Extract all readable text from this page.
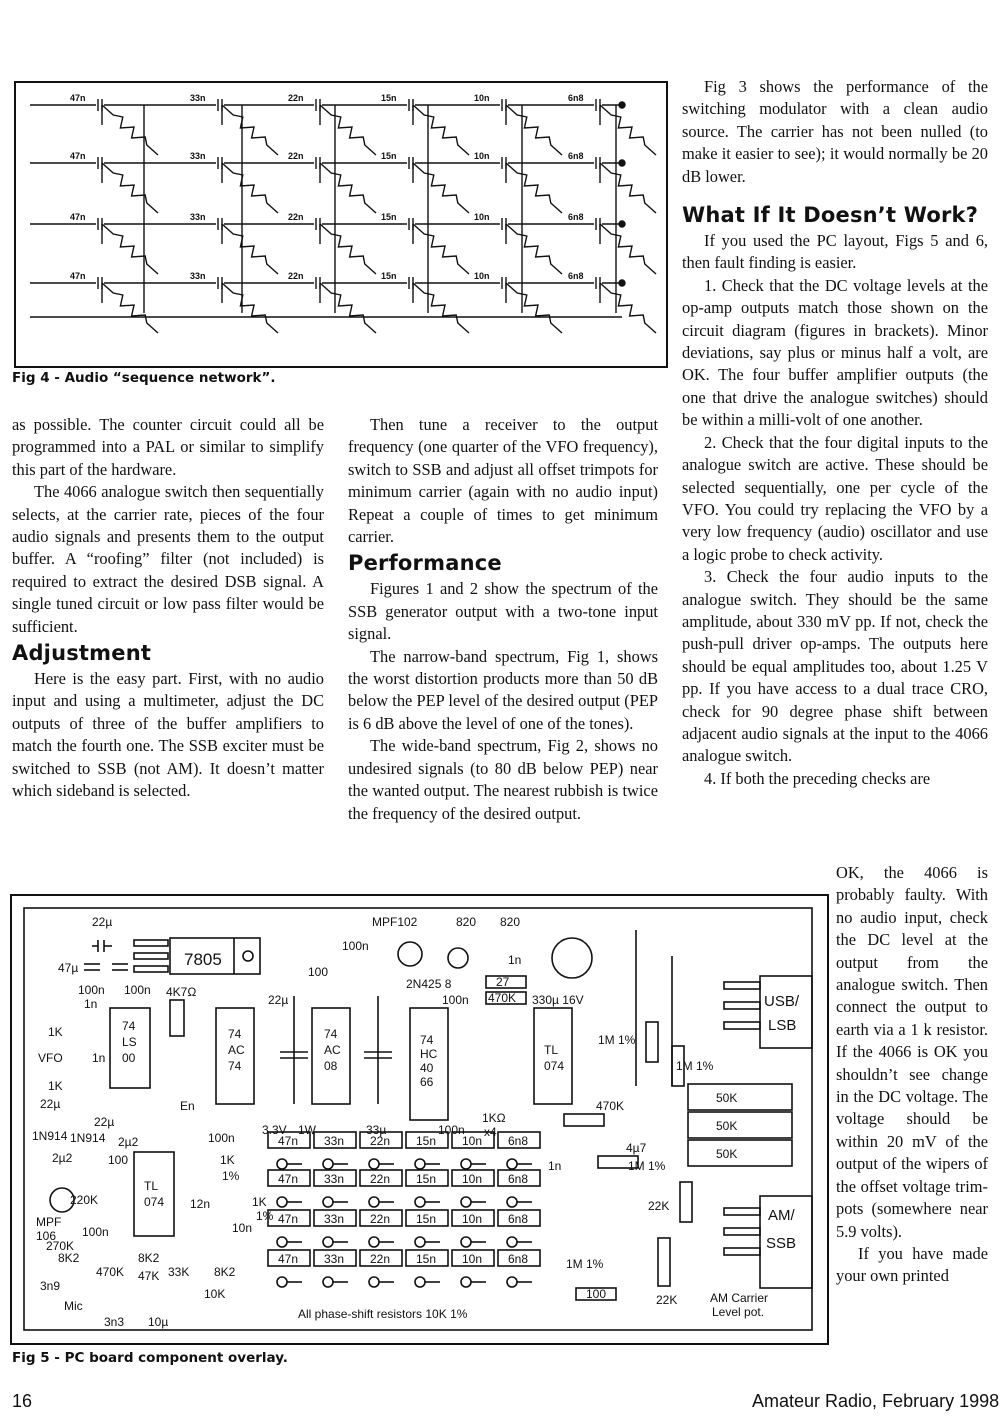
47n	33n	22n	15n	10n	6n8
47n	33n	22n	15n	10n	6n8
47n	33n	22n	15n	10n	6n8
47n	33n	22n	15n	10n	6n8
Fig 4 - Audio “sequence network”.

as possible. The counter circuit could all be programmed into a PAL or similar to simplify this part of the hardware.

The 4066 analogue switch then sequentially selects, at the carrier rate, pieces of the four audio signals and presents them to the output buffer. A “roofing” filter (not included) is required to extract the desired DSB signal. A single tuned circuit or low pass filter would be sufficient.

Adjustment

Here is the easy part. First, with no audio input and using a multimeter, adjust the DC outputs of three of the buffer amplifiers to match the fourth one. The SSB exciter must be switched to SSB (not AM). It doesn’t matter which sideband is selected.

Then tune a receiver to the output frequency (one quarter of the VFO frequency), switch to SSB and adjust all offset trimpots for minimum carrier (again with no audio input) Repeat a couple of times to get minimum carrier.

Performance

Figures 1 and 2 show the spectrum of the SSB generator output with a two-tone input signal.

The narrow-band spectrum, Fig 1, shows the worst distortion products more than 50 dB below the PEP level of the desired output (PEP is 6 dB above the level of one of the tones).

The wide-band spectrum, Fig 2, shows no undesired signals (to 80 dB below PEP) near the wanted output. The nearest rubbish is twice the frequency of the desired output.

Fig 3 shows the performance of the switching modulator with a clean audio source. The carrier has not been nulled (to make it easier to see); it would normally be 20 dB lower.

What If It Doesn’t Work?

If you used the PC layout, Figs 5 and 6, then fault finding is easier.

1. Check that the DC voltage levels at the op-amp outputs match those shown on the circuit diagram (figures in brackets). Minor deviations, say plus or minus half a volt, are OK. The four buffer amplifier outputs (the one that drive the analogue switches) should be within a milli-volt of one another.

2. Check that the four digital inputs to the analogue switch are active. These should be selected sequentially, one per cycle of the VFO. You could try replacing the VFO by a very low frequency (audio) oscillator and use a logic probe to check activity.

3. Check the four audio inputs to the analogue switch. They should be the same amplitude, about 330 mV pp. If not, check the push-pull driver op-amps. The outputs here should be equal amplitudes too, about 1.25 V pp. If you have access to a dual trace CRO, check for 90 degree phase shift between adjacent audio signals at the input to the 4066 analogue switch.

4. If both the preceding checks are

OK, the 4066 is probably faulty. With no audio input, check the DC level at the output from the analogue switch. Then connect the output to earth via a 1 k resistor. If the 4066 is OK you shouldn’t see change in the DC voltage. The voltage should be within 20 mV of the output of the wipers of the offset voltage trim-pots (somewhere near 5.9 volts).

If you have made your own printed

7805
22µ
47µ
100n 100n
1n
1K
VFO 1n
1K
4K7Ω
22µ
MPF102	820 820
100n
100
2N425 8
100n
27
470K
1n
330µ 16V
1M 1%
1M 1%
USB/
LSB
AM/
SSB
50K
50K
50K
74
LS
00
74
AC
74
74
AC
08
74
HC
40
66
TL
074
TL
074
22µ
22µ
1N914 1N914 2µ2
2µ2	100
En
100n
3.3V 1W	33µ	100n
1KΩ
x4
470K
1n
4µ7
1M 1%
22K
22K
1M 1%
100
1K
1%
12n	1K
1%
10n
220K
MPF
106 100n
270K
8K2	8K2
8K2
3n9
470K 47K 33K
10K
Mic
3n3 10µ
All phase-shift resistors 10K 1%
AM Carrier
Level pot.
47n 33n 22n 15n 10n 6n8
47n 33n 22n 15n 10n 6n8
47n 33n 22n 15n 10n 6n8
47n 33n 22n 15n 10n 6n8
Fig 5 - PC board component overlay.
16	Amateur Radio, February 1998
